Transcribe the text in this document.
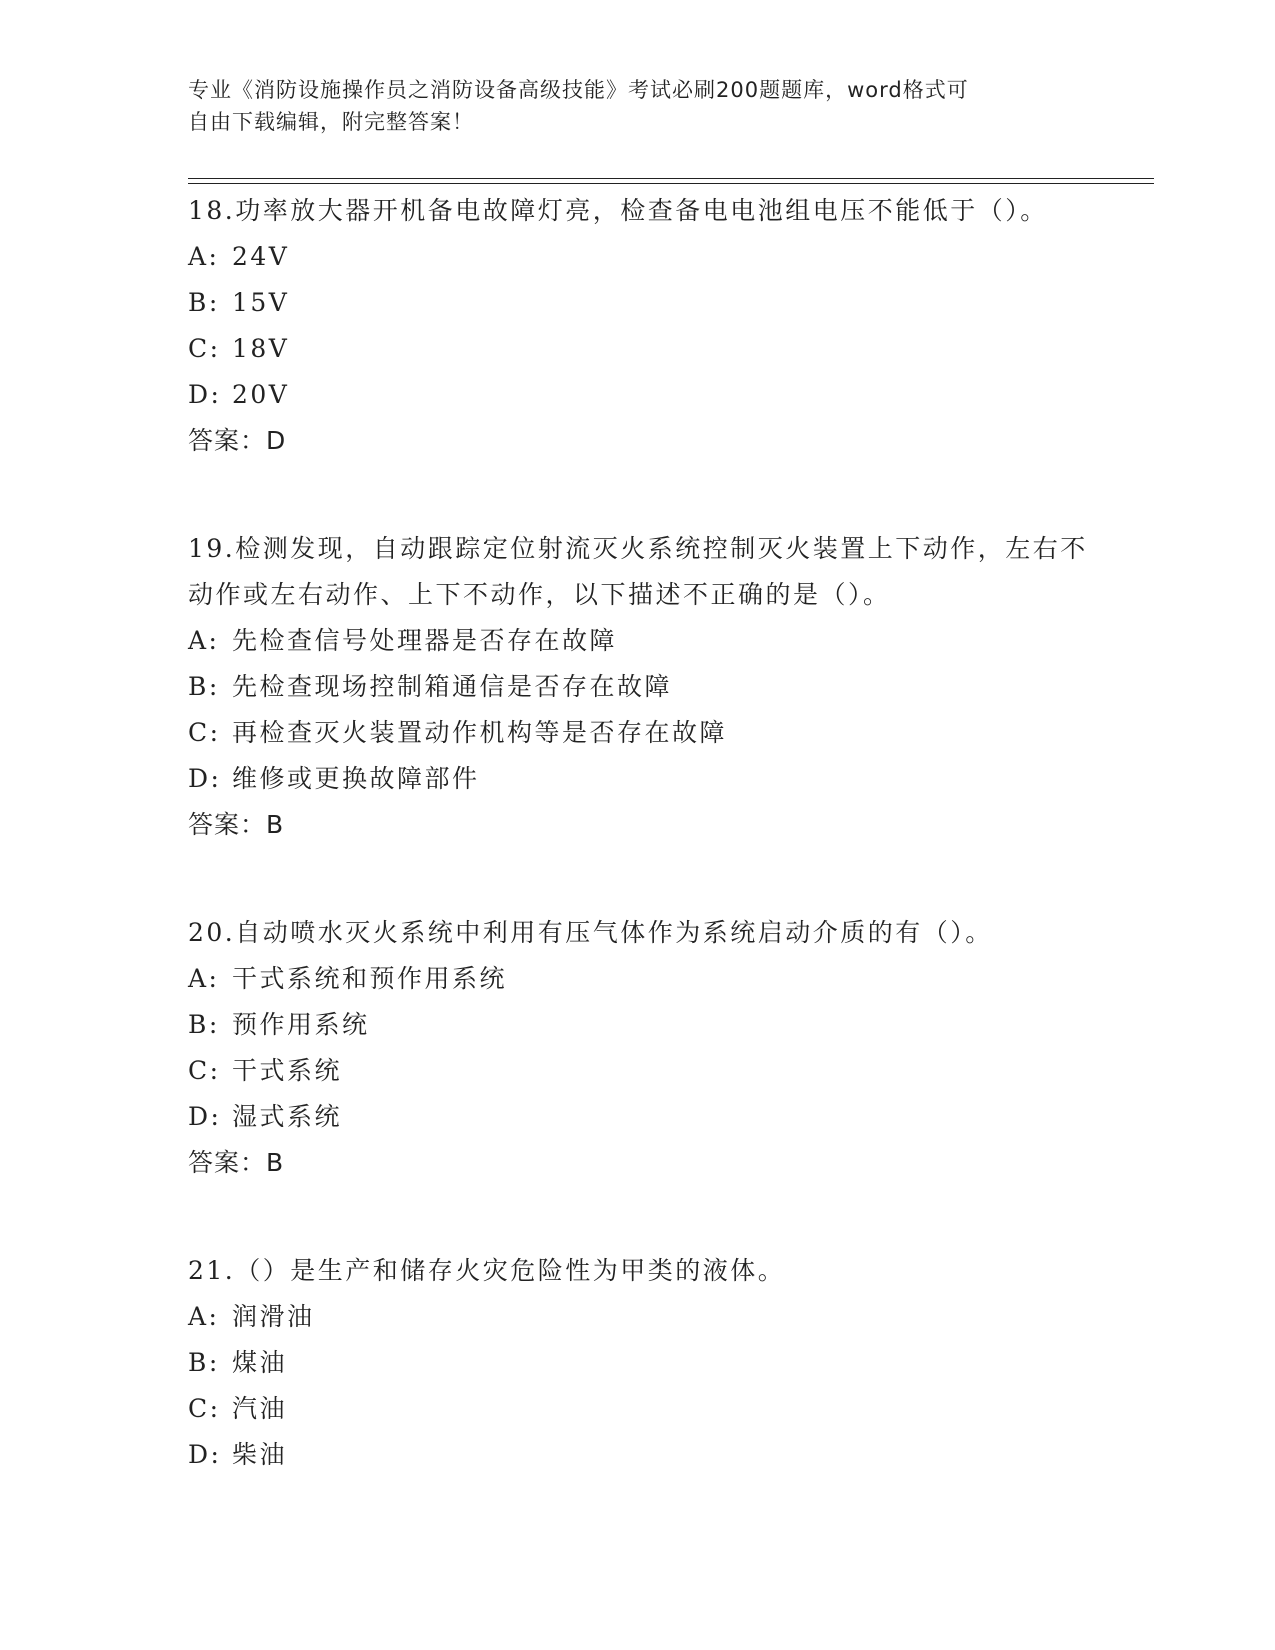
专业《消防设施操作员之消防设备高级技能》考试必刷200题题库，word格式可

自由下载编辑，附完整答案！

18.功率放大器开机备电故障灯亮，检查备电电池组电压不能低于（）。

A: 24V

B: 15V

C: 18V

D: 20V

答案：D

19.检测发现，自动跟踪定位射流灭火系统控制灭火装置上下动作，左右不动作或左右动作、上下不动作，以下描述不正确的是（）。

A: 先检查信号处理器是否存在故障

B: 先检查现场控制箱通信是否存在故障

C: 再检查灭火装置动作机构等是否存在故障

D: 维修或更换故障部件

答案：B

20.自动喷水灭火系统中利用有压气体作为系统启动介质的有（）。

A: 干式系统和预作用系统

B: 预作用系统

C: 干式系统

D: 湿式系统

答案：B

21.（）是生产和储存火灾危险性为甲类的液体。

A: 润滑油

B: 煤油

C: 汽油

D: 柴油
